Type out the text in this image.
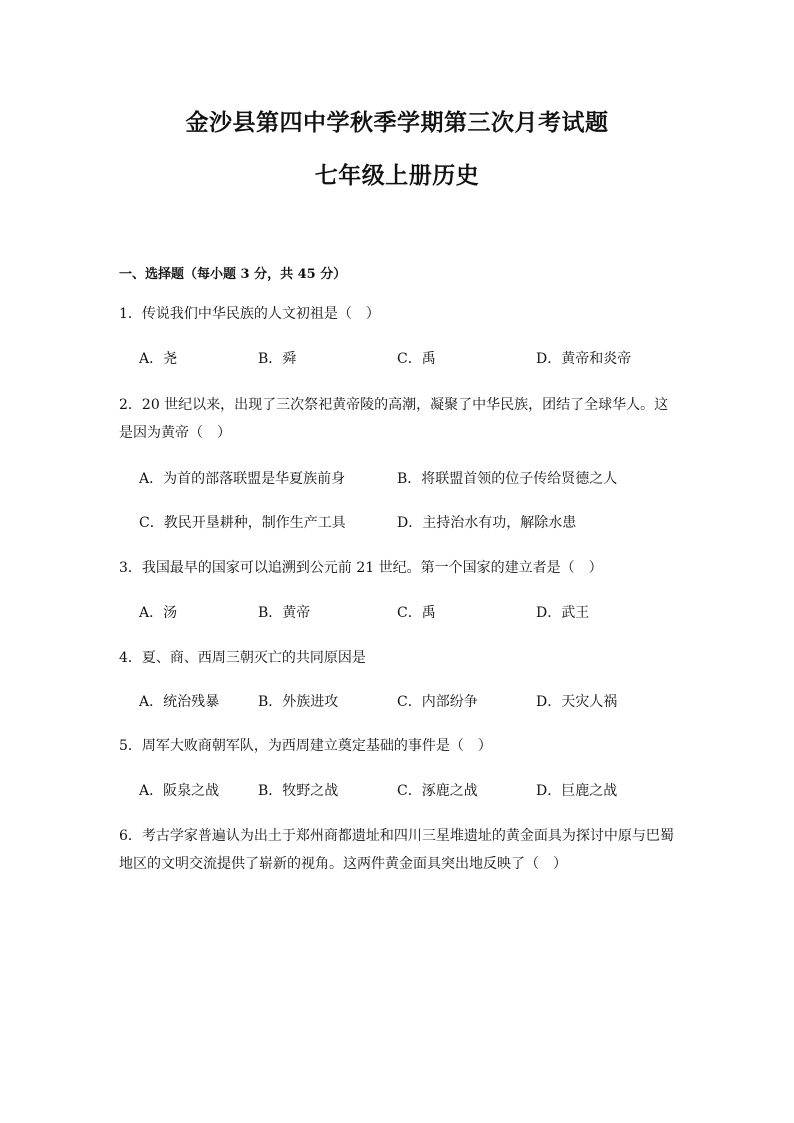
金沙县第四中学秋季学期第三次月考试题
七年级上册历史
一、选择题（每小题 3 分，共 45 分）
1．传说我们中华民族的人文初祖是（　）
A．尧	B．舜	C．禹	D．黄帝和炎帝
2．20 世纪以来，出现了三次祭祀黄帝陵的高潮，凝聚了中华民族，团结了全球华人。这是因为黄帝（　）
A．为首的部落联盟是华夏族前身	B．将联盟首领的位子传给贤德之人
C．教民开垦耕种，制作生产工具	D．主持治水有功，解除水患
3．我国最早的国家可以追溯到公元前 21 世纪。第一个国家的建立者是（　）
A．汤	B．黄帝	C．禹	D．武王
4．夏、商、西周三朝灭亡的共同原因是
A．统治残暴	B．外族进攻	C．内部纷争	D．天灾人祸
5．周军大败商朝军队，为西周建立奠定基础的事件是（　）
A．阪泉之战	B．牧野之战	C．涿鹿之战	D．巨鹿之战
6．考古学家普遍认为出土于郑州商都遗址和四川三星堆遗址的黄金面具为探讨中原与巴蜀地区的文明交流提供了崭新的视角。这两件黄金面具突出地反映了（　）
